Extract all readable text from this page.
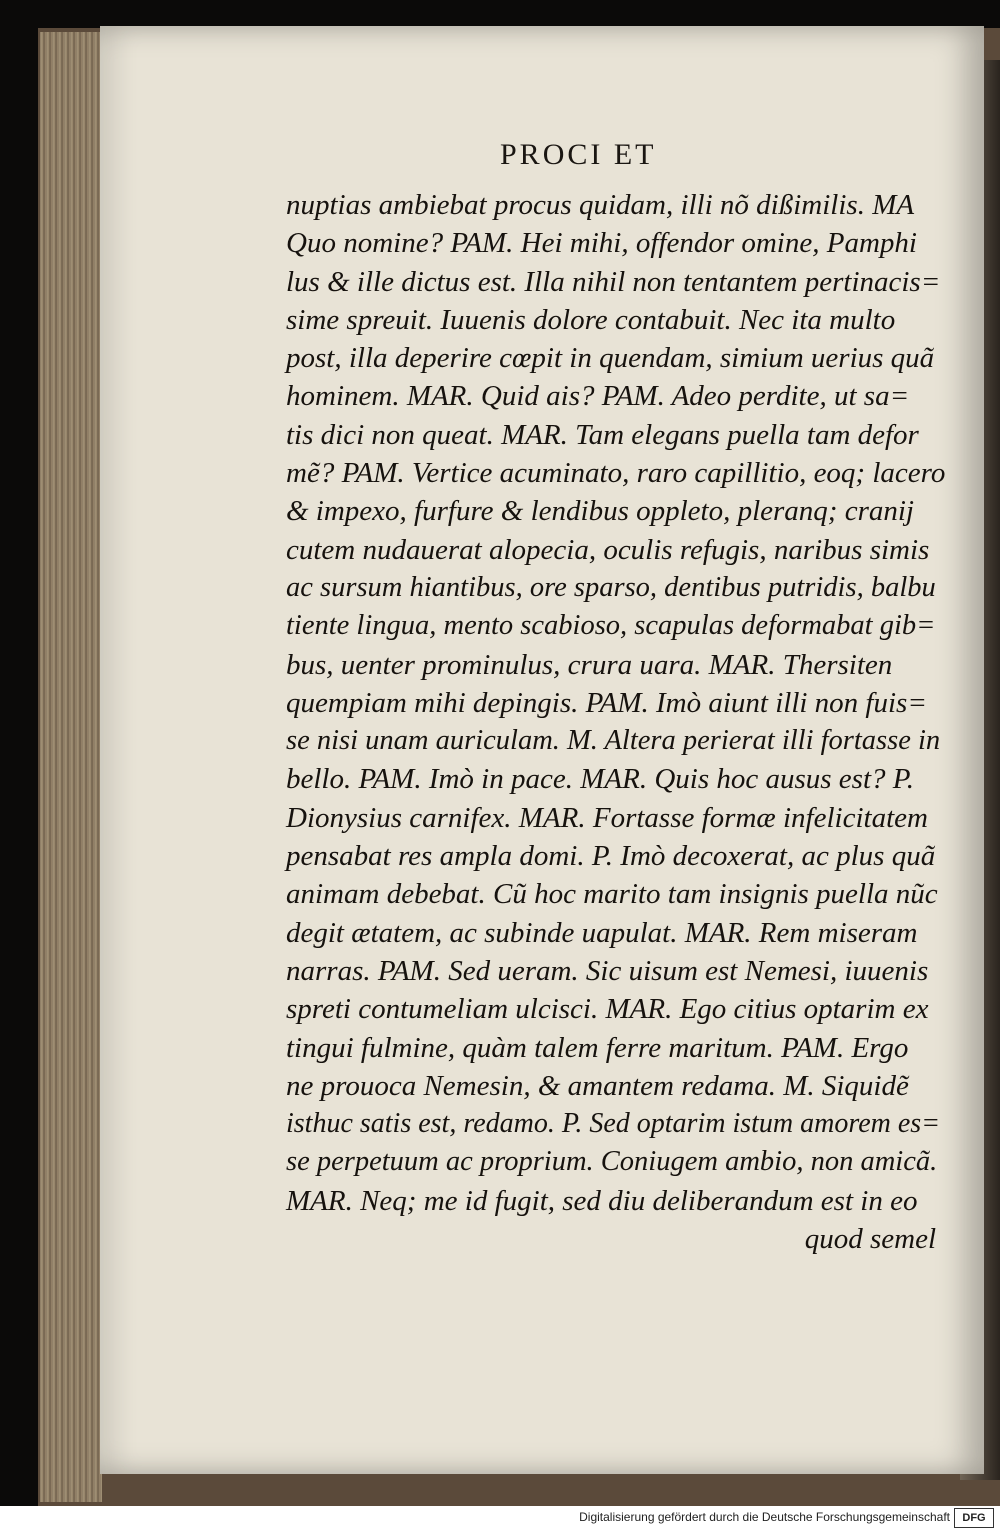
PROCI ET
nuptias ambiebat procus quidam, illi nõ dißimilis. MA
Quo nomine? PAM. Hei mihi, offendor omine, Pamphi
lus & ille dictus est. Illa nihil non tentantem pertinacis=
sime spreuit. Iuuenis dolore contabuit. Nec ita multo
post, illa deperire cœpit in quendam, simium uerius quã
hominem. MAR. Quid ais? PAM. Adeo perdite, ut sa=
tis dici non queat. MAR. Tam elegans puella tam defor
mẽ? PAM. Vertice acuminato, raro capillitio, eoq; lacero
& impexo, furfure & lendibus oppleto, pleranq; cranij
cutem nudauerat alopecia, oculis refugis, naribus simis
ac sursum hiantibus, ore sparso, dentibus putridis, balbu
tiente lingua, mento scabioso, scapulas deformabat gib=
bus, uenter prominulus, crura uara. MAR. Thersiten
quempiam mihi depingis. PAM. Imò aiunt illi non fuis=
se nisi unam auriculam. M. Altera perierat illi fortasse in
bello. PAM. Imò in pace. MAR. Quis hoc ausus est? P.
Dionysius carnifex. MAR. Fortasse formæ infelicitatem
pensabat res ampla domi. P. Imò decoxerat, ac plus quã
animam debebat. Cũ hoc marito tam insignis puella nũc
degit ætatem, ac subinde uapulat. MAR. Rem miseram
narras. PAM. Sed ueram. Sic uisum est Nemesi, iuuenis
spreti contumeliam ulcisci. MAR. Ego citius optarim ex
tingui fulmine, quàm talem ferre maritum. PAM. Ergo
ne prouoca Nemesin, & amantem redama. M. Siquidẽ
isthuc satis est, redamo. P. Sed optarim istum amorem es=
se perpetuum ac proprium. Coniugem ambio, non amicã.
MAR. Neq; me id fugit, sed diu deliberandum est in eo
quod semel
Digitalisierung gefördert durch die Deutsche Forschungsgemeinschaft	DFG
